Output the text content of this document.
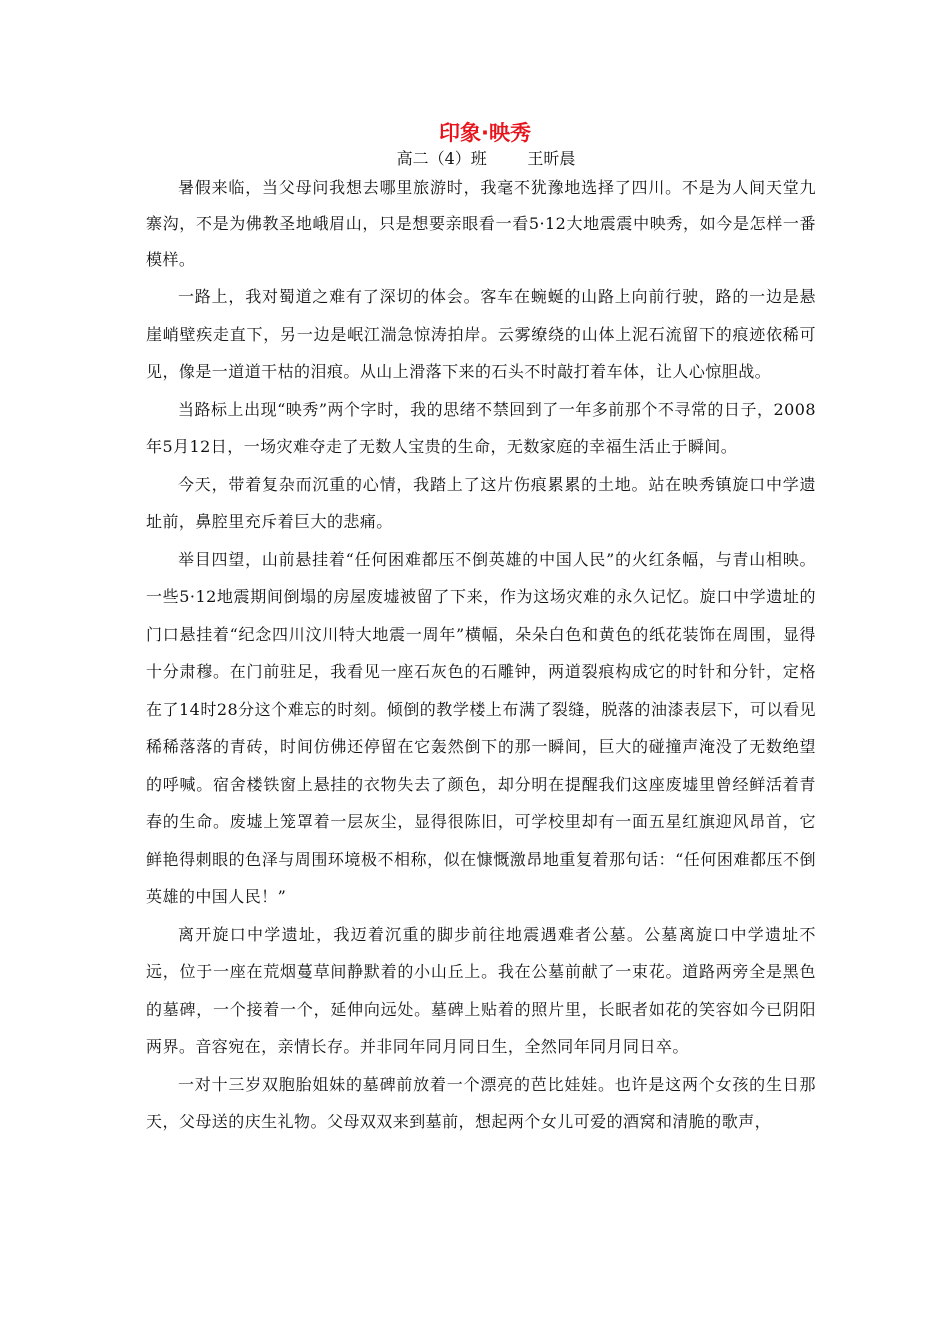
印象·映秀
高二（4）班        王昕晨

暑假来临，当父母问我想去哪里旅游时，我毫不犹豫地选择了四川。不是为人间天堂九寨沟，不是为佛教圣地峨眉山，只是想要亲眼看一看5·12大地震震中映秀，如今是怎样一番模样。

一路上，我对蜀道之难有了深切的体会。客车在蜿蜒的山路上向前行驶，路的一边是悬崖峭壁疾走直下，另一边是岷江湍急惊涛拍岸。云雾缭绕的山体上泥石流留下的痕迹依稀可见，像是一道道干枯的泪痕。从山上滑落下来的石头不时敲打着车体，让人心惊胆战。

当路标上出现“映秀”两个字时，我的思绪不禁回到了一年多前那个不寻常的日子，2008年5月12日，一场灾难夺走了无数人宝贵的生命，无数家庭的幸福生活止于瞬间。

今天，带着复杂而沉重的心情，我踏上了这片伤痕累累的土地。站在映秀镇旋口中学遗址前，鼻腔里充斥着巨大的悲痛。

举目四望，山前悬挂着“任何困难都压不倒英雄的中国人民”的火红条幅，与青山相映。一些5·12地震期间倒塌的房屋废墟被留了下来，作为这场灾难的永久记忆。旋口中学遗址的门口悬挂着“纪念四川汶川特大地震一周年”横幅，朵朵白色和黄色的纸花装饰在周围，显得十分肃穆。在门前驻足，我看见一座石灰色的石雕钟，两道裂痕构成它的时针和分针，定格在了14时28分这个难忘的时刻。倾倒的教学楼上布满了裂缝，脱落的油漆表层下，可以看见稀稀落落的青砖，时间仿佛还停留在它轰然倒下的那一瞬间，巨大的碰撞声淹没了无数绝望的呼喊。宿舍楼铁窗上悬挂的衣物失去了颜色，却分明在提醒我们这座废墟里曾经鲜活着青春的生命。废墟上笼罩着一层灰尘，显得很陈旧，可学校里却有一面五星红旗迎风昂首，它鲜艳得刺眼的色泽与周围环境极不相称，似在慷慨激昂地重复着那句话：“任何困难都压不倒英雄的中国人民！”

离开旋口中学遗址，我迈着沉重的脚步前往地震遇难者公墓。公墓离旋口中学遗址不远，位于一座在荒烟蔓草间静默着的小山丘上。我在公墓前献了一束花。道路两旁全是黑色的墓碑，一个接着一个，延伸向远处。墓碑上贴着的照片里，长眠者如花的笑容如今已阴阳两界。音容宛在，亲情长存。并非同年同月同日生，全然同年同月同日卒。

一对十三岁双胞胎姐妹的墓碑前放着一个漂亮的芭比娃娃。也许是这两个女孩的生日那天，父母送的庆生礼物。父母双双来到墓前，想起两个女儿可爱的酒窝和清脆的歌声，
